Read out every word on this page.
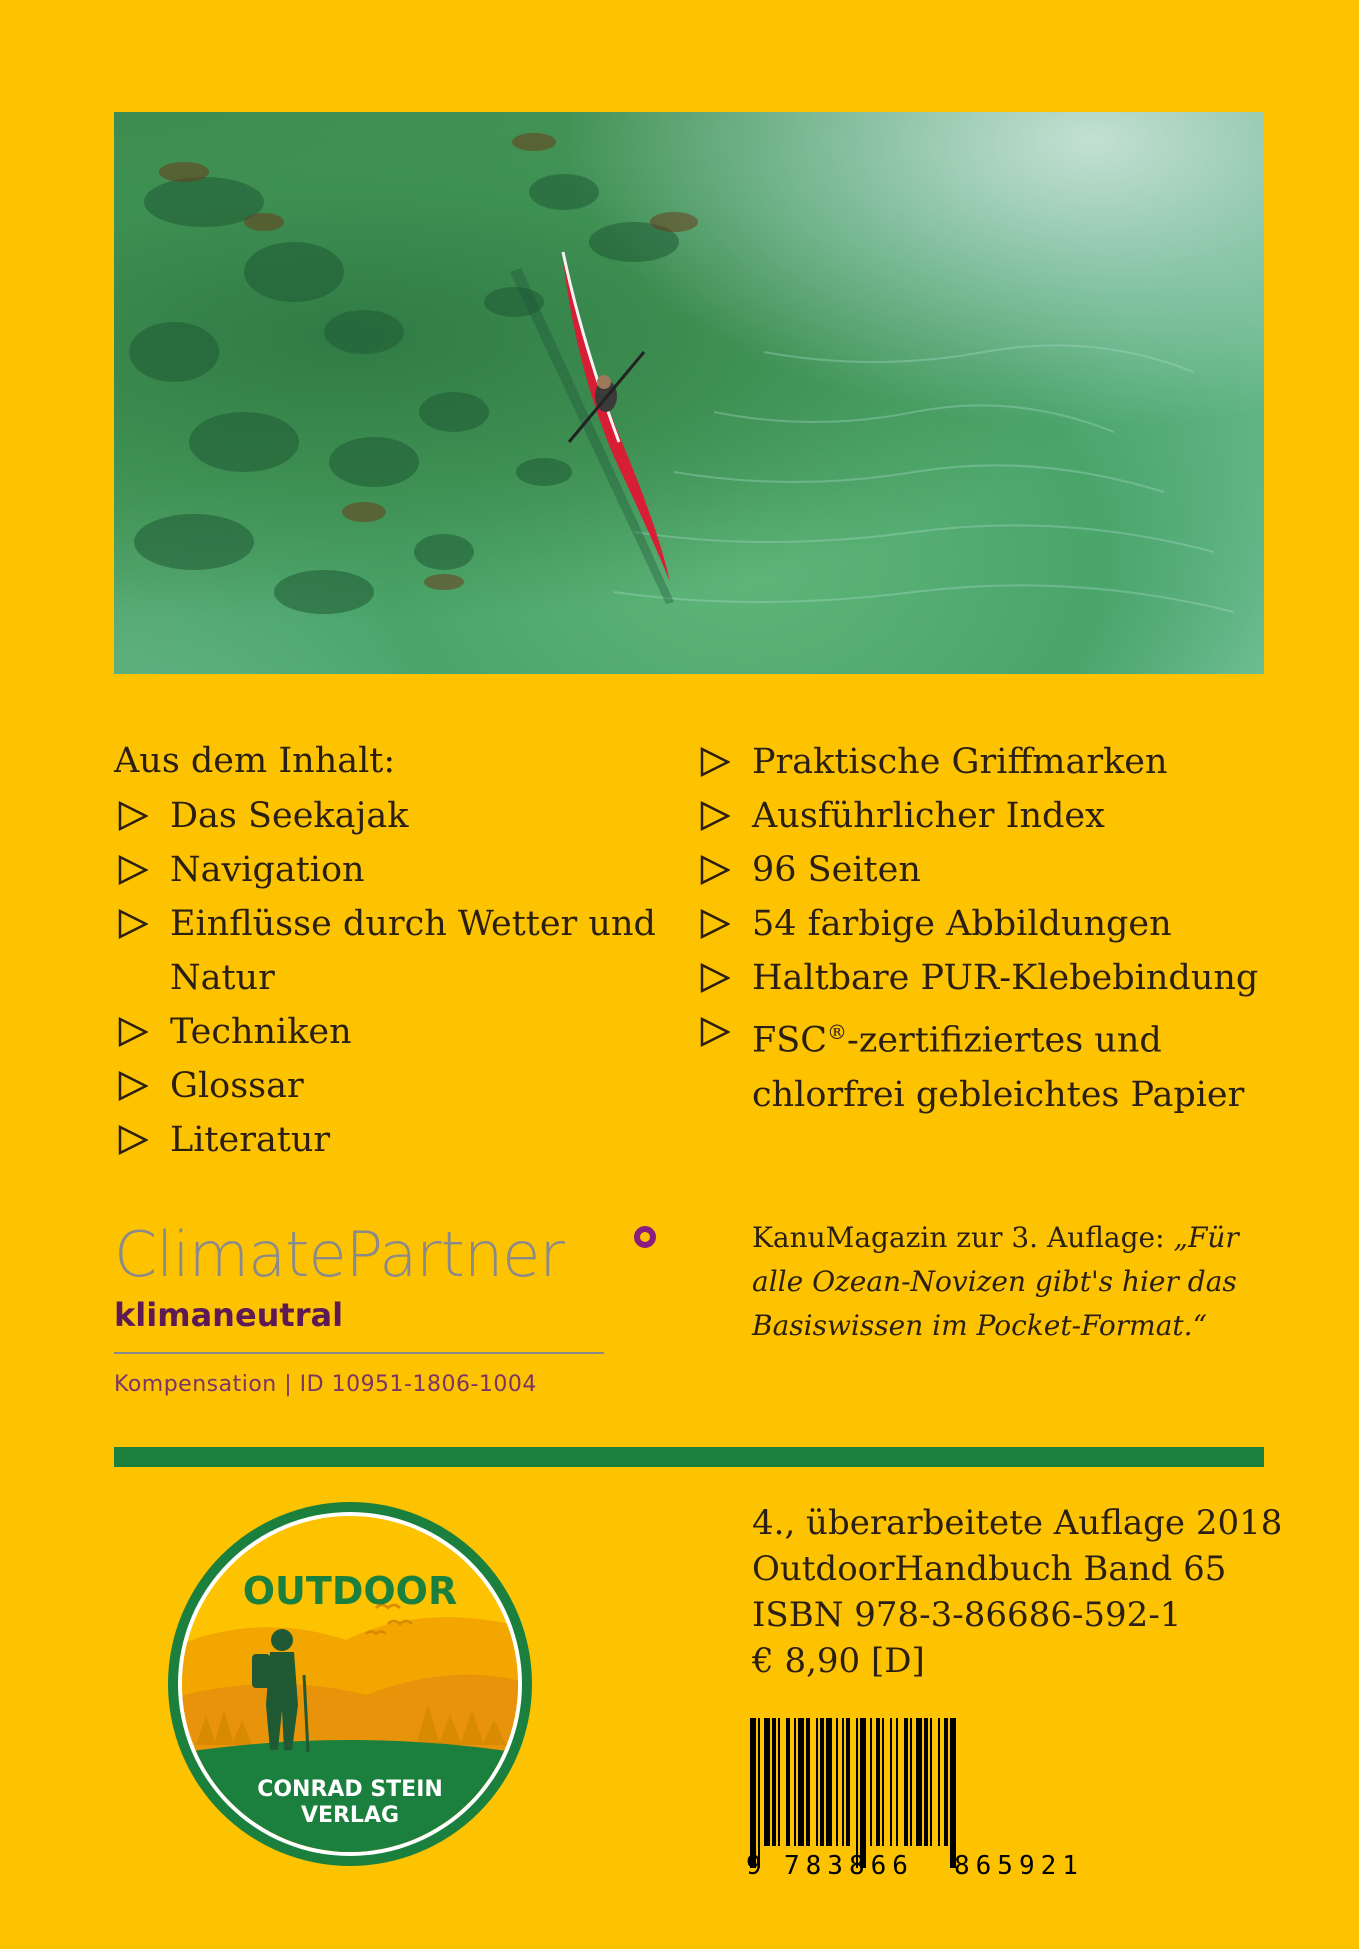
Aus dem Inhalt:
Das Seekajak
Navigation
Einflüsse durch Wetter und
Natur
Techniken
Glossar
Literatur
Praktische Griffmarken
Ausführlicher Index
96 Seiten
54 farbige Abbildungen
Haltbare PUR-Klebebindung
FSC®-zertifiziertes und
chlorfrei gebleichtes Papier
ClimatePartner
klimaneutral
Kompensation | ID 10951-1806-1004
KanuMagazin zur 3. Auflage: „Für alle Ozean-Novizen gibt's hier das Basiswissen im Pocket-Format.“
OUTDOOR
CONRAD STEIN
VERLAG
4., überarbeitete Auflage 2018
OutdoorHandbuch Band 65
ISBN 978-3-86686-592-1
€ 8,90 [D]
9 783866 865921
